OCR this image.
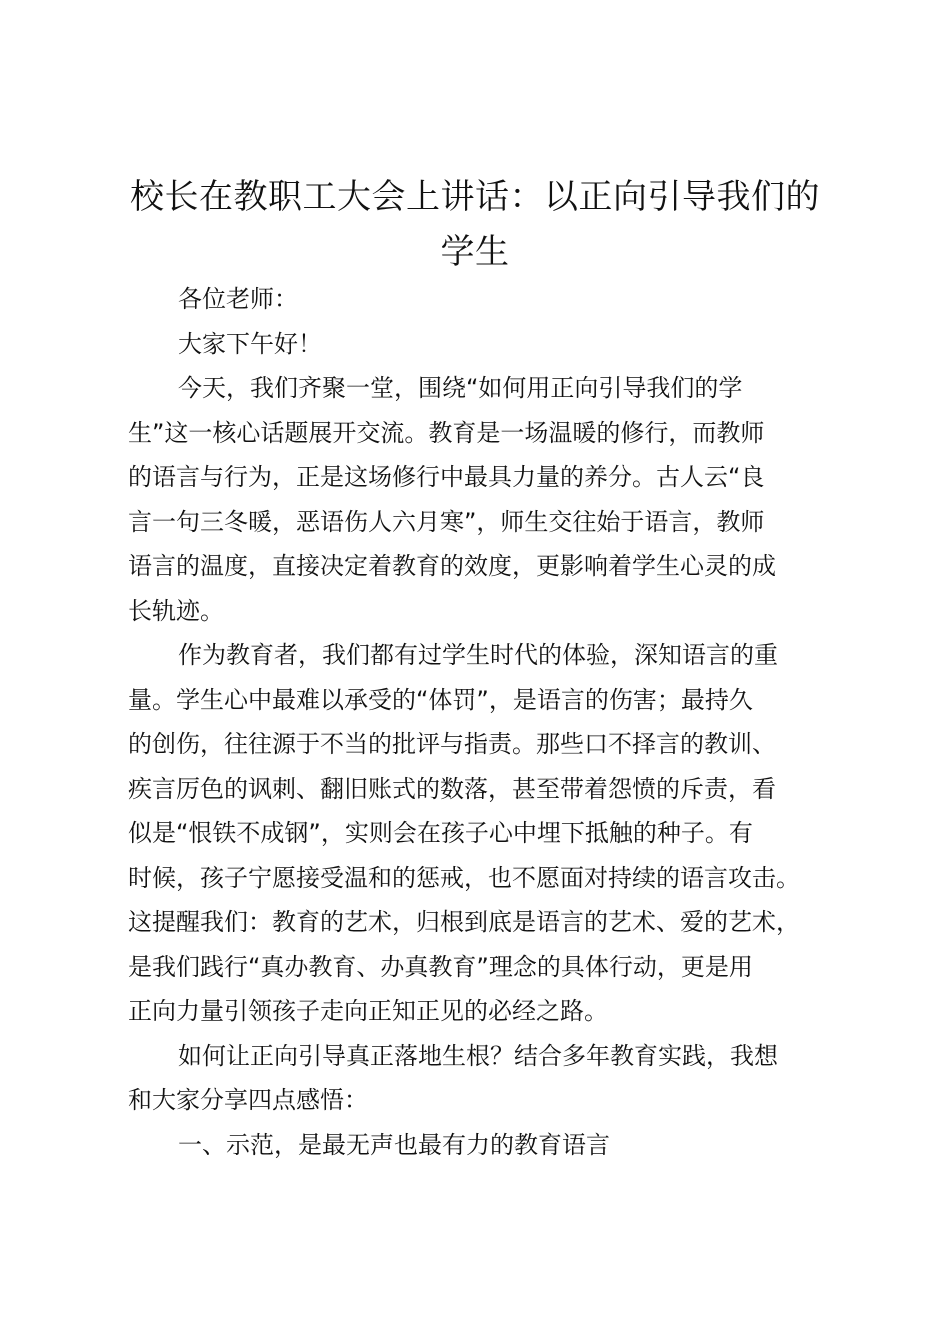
校长在教职工大会上讲话：以正向引导我们的
学生

各位老师：

大家下午好！

今天，我们齐聚一堂，围绕“如何用正向引导我们的学
生”这一核心话题展开交流。教育是一场温暖的修行，而教师
的语言与行为，正是这场修行中最具力量的养分。古人云“良
言一句三冬暖，恶语伤人六月寒”，师生交往始于语言，教师
语言的温度，直接决定着教育的效度，更影响着学生心灵的成
长轨迹。
作为教育者，我们都有过学生时代的体验，深知语言的重
量。学生心中最难以承受的“体罚”，是语言的伤害；最持久
的创伤，往往源于不当的批评与指责。那些口不择言的教训、
疾言厉色的讽刺、翻旧账式的数落，甚至带着怨愤的斥责，看
似是“恨铁不成钢”，实则会在孩子心中埋下抵触的种子。有
时候，孩子宁愿接受温和的惩戒，也不愿面对持续的语言攻击。
这提醒我们：教育的艺术，归根到底是语言的艺术、爱的艺术，
是我们践行“真办教育、办真教育”理念的具体行动，更是用
正向力量引领孩子走向正知正见的必经之路。
如何让正向引导真正落地生根？结合多年教育实践，我想
和大家分享四点感悟：

一、示范，是最无声也最有力的教育语言
